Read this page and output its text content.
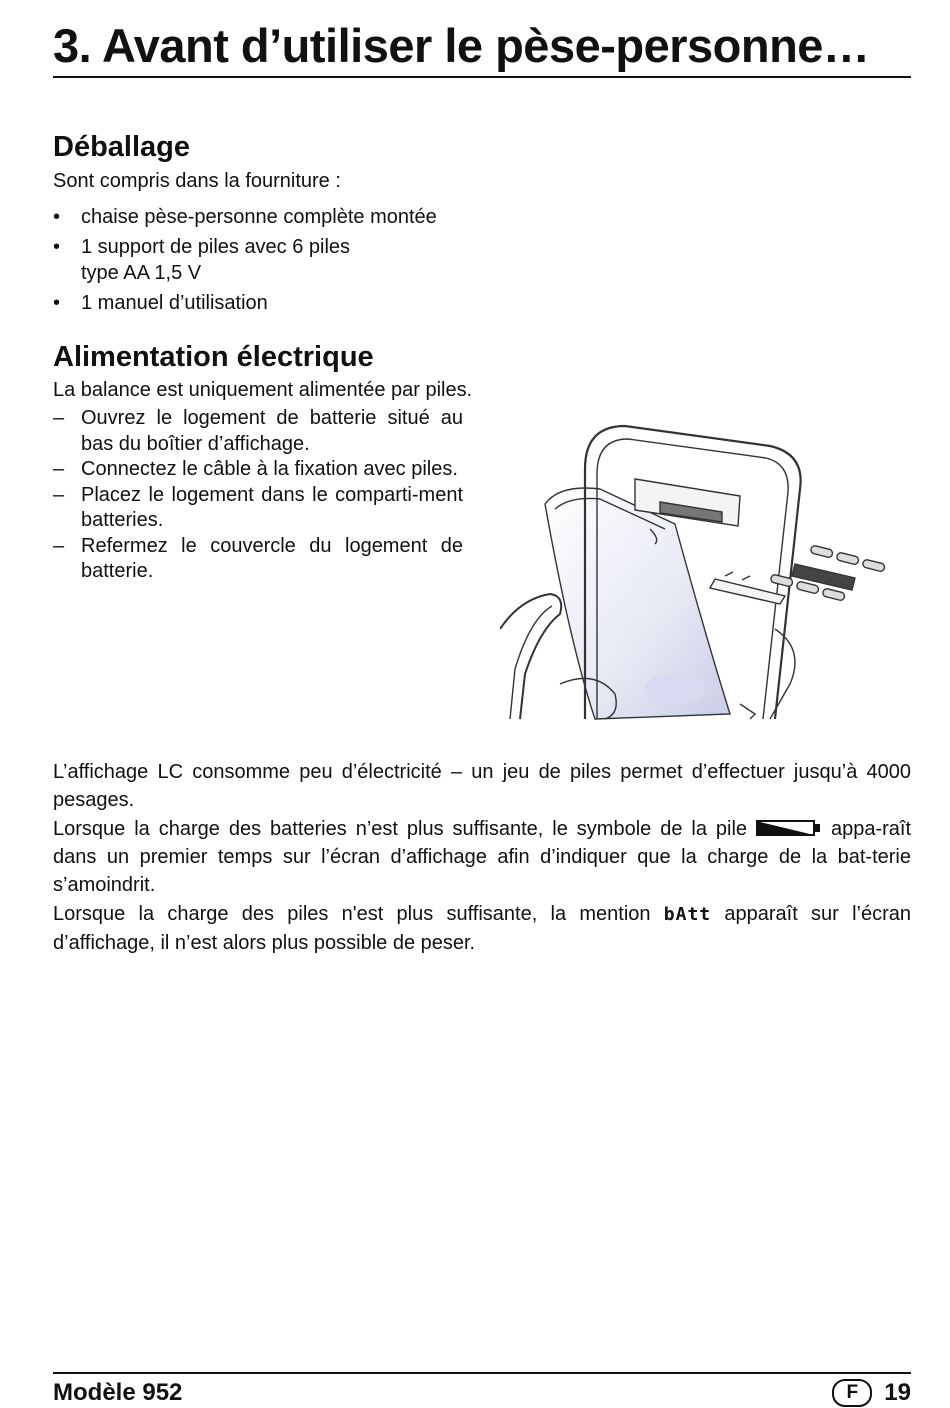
3. Avant d’utiliser le pèse-personne…
Déballage

Sont compris dans la fourniture :

• chaise pèse-personne complète montée
• 1 support de piles avec 6 piles
type AA 1,5 V
• 1 manuel d’utilisation
Alimentation électrique

La balance est uniquement alimentée par piles.

– Ouvrez le logement de batterie situé au bas du boîtier d’affichage.
– Connectez le câble à la fixation avec piles.
– Placez le logement dans le comparti-ment batteries.
– Refermez le couvercle du logement de batterie.

L’affichage LC consomme peu d’électricité – un jeu de piles permet d’effectuer jusqu’à 4000 pesages.

Lorsque la charge des batteries n’est plus suffisante, le symbole de la pile	appa-raît dans un premier temps sur l’écran d’affichage afin d’indiquer que la charge de la bat-terie s’amoindrit.

Lorsque la charge des piles n'est plus suffisante, la mention bAtt apparaît sur l’écran d’affichage, il n’est alors plus possible de peser.

Modèle 952	F	19
